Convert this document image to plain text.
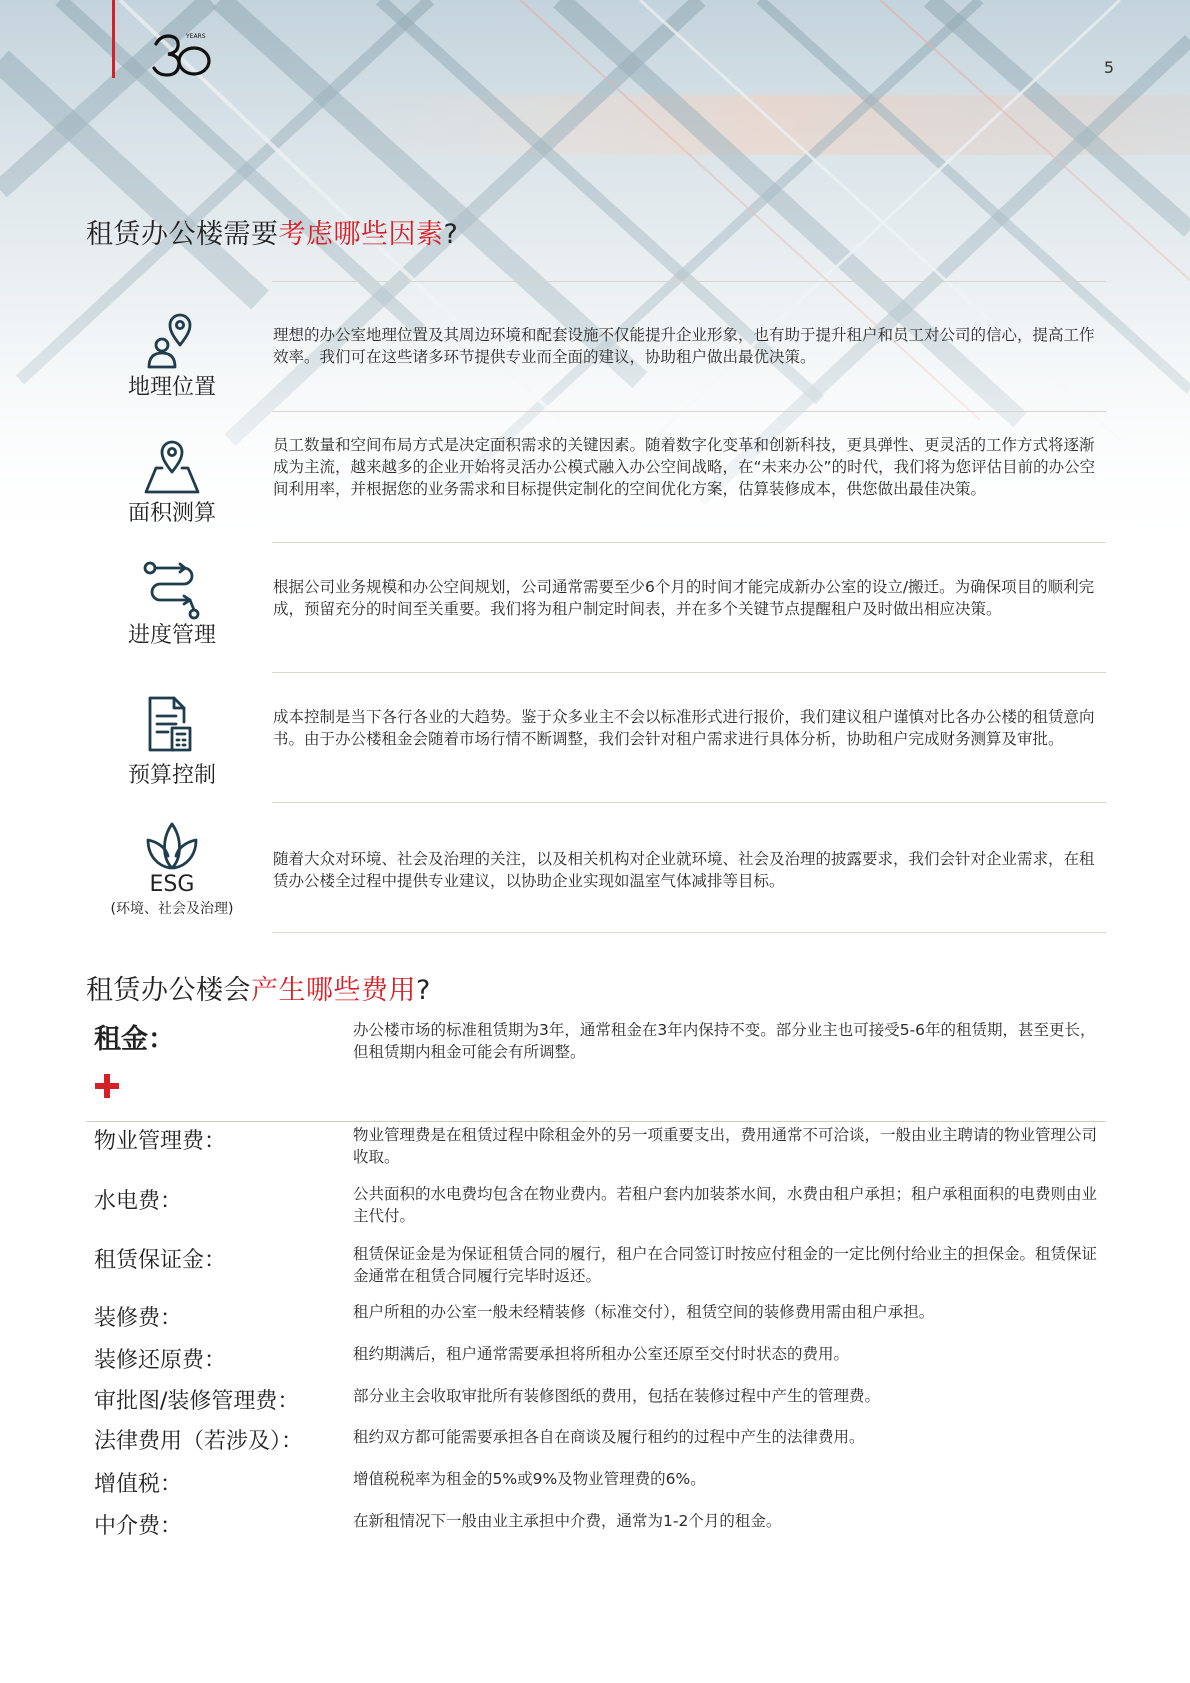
YEARS
5
租赁办公楼需要考虑哪些因素?
地理位置

理想的办公室地理位置及其周边环境和配套设施不仅能提升企业形象，也有助于提升租户和员工对公司的信心，提高工作效率。我们可在这些诸多环节提供专业而全面的建议，协助租户做出最优决策。

面积测算

员工数量和空间布局方式是决定面积需求的关键因素。随着数字化变革和创新科技，更具弹性、更灵活的工作方式将逐渐成为主流，越来越多的企业开始将灵活办公模式融入办公空间战略，在“未来办公”的时代，我们将为您评估目前的办公空间利用率，并根据您的业务需求和目标提供定制化的空间优化方案，估算装修成本，供您做出最佳决策。

进度管理

根据公司业务规模和办公空间规划，公司通常需要至少6个月的时间才能完成新办公室的设立/搬迁。为确保项目的顺利完成，预留充分的时间至关重要。我们将为租户制定时间表，并在多个关键节点提醒租户及时做出相应决策。

预算控制

成本控制是当下各行各业的大趋势。鉴于众多业主不会以标准形式进行报价，我们建议租户谨慎对比各办公楼的租赁意向书。由于办公楼租金会随着市场行情不断调整，我们会针对租户需求进行具体分析，协助租户完成财务测算及审批。

ESG
(环境、社会及治理)

随着大众对环境、社会及治理的关注，以及相关机构对企业就环境、社会及治理的披露要求，我们会针对企业需求，在租赁办公楼全过程中提供专业建议，以协助企业实现如温室气体减排等目标。

租赁办公楼会产生哪些费用?
租金：	办公楼市场的标准租赁期为3年，通常租金在3年内保持不变。部分业主也可接受5-6年的租赁期，甚至更长，但租赁期内租金可能会有所调整。

物业管理费：	物业管理费是在租赁过程中除租金外的另一项重要支出，费用通常不可洽谈，一般由业主聘请的物业管理公司收取。

水电费：	公共面积的水电费均包含在物业费内。若租户套内加装茶水间，水费由租户承担；租户承租面积的电费则由业主代付。

租赁保证金：	租赁保证金是为保证租赁合同的履行，租户在合同签订时按应付租金的一定比例付给业主的担保金。租赁保证金通常在租赁合同履行完毕时返还。

装修费：	租户所租的办公室一般未经精装修（标准交付），租赁空间的装修费用需由租户承担。

装修还原费：	租约期满后，租户通常需要承担将所租办公室还原至交付时状态的费用。

审批图/装修管理费：	部分业主会收取审批所有装修图纸的费用，包括在装修过程中产生的管理费。

法律费用（若涉及）：	租约双方都可能需要承担各自在商谈及履行租约的过程中产生的法律费用。

增值税：	增值税税率为租金的5%或9%及物业管理费的6%。

中介费：	在新租情况下一般由业主承担中介费，通常为1-2个月的租金。
